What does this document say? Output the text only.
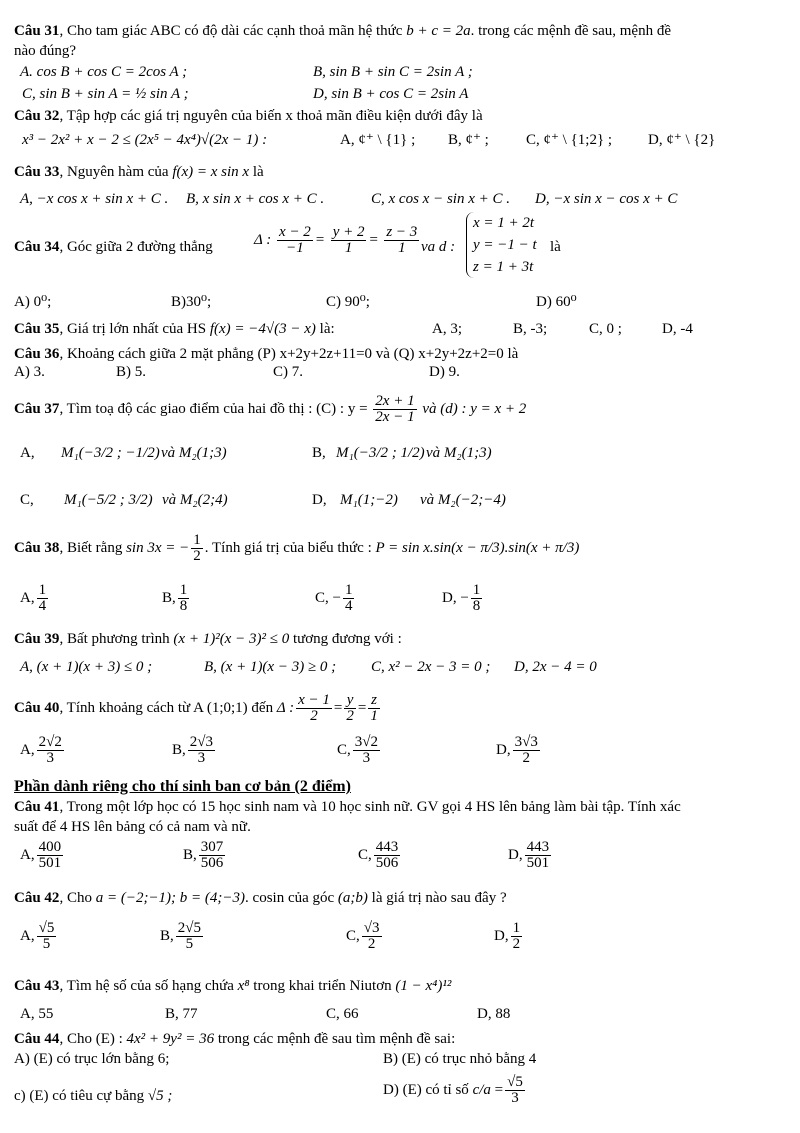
Câu 31, Cho tam giác ABC có độ dài các cạnh thoả mãn hệ thức b + c = 2a. trong các mệnh đề sau, mệnh đề
nào đúng?
A. cos B + cos C = 2cos A ;	B, sin B + sin C = 2sin A ;
C, sin B + sin A = ½ sin A ;	D, sin B + cos C = 2sin A
Câu 32, Tập hợp các giá trị nguyên của biến x thoả mãn điều kiện dưới đây là
x³ − 2x² + x − 2 ≤ (2x⁵ − 4x⁴)√(2x − 1) :	A, ¢⁺ \ {1} ; B, ¢⁺ ; C, ¢⁺ \ {1;2} ; D, ¢⁺ \ {2}
Câu 33, Nguyên hàm của f(x) = x sin x là
A, −x cos x + sin x + C . B, x sin x + cos x + C .	C, x cos x − sin x + C . D, −x sin x − cos x + C
Câu 34, Góc giữa 2 đường thẳng	Δ : $\frac{x - 2}{-1} = \frac{y + 2}{1} = \frac{z - 3}{1}$ va d :
x = 1 + 2t
y = −1 − t
z = 1 + 3t
là
A) 0⁰;	B)30⁰;	C) 90⁰;	D) 60⁰
Câu 35, Giá trị lớn nhất của HS f(x) = −4√(3 − x) là:	A, 3;	B, -3;	C, 0 ;	D, -4
Câu 36, Khoảng cách giữa 2 mặt phẳng (P) x+2y+2z+11=0 và (Q) x+2y+2z+2=0 là
A) 3.	B) 5.	C) 7.	D) 9.
Câu 37, Tìm toạ độ các giao điểm của hai đồ thị : (C) : $y = \frac{2x + 1}{2x - 1}$ và (d) : y = x + 2
A, M₁(−3/2 ; −1/2) và M₂(1;3)	B, M₁(−3/2 ; 1/2) và M₂(1;3)
C, M₁(−5/2 ; 3/2) và M₂(2;4)	D, M₁(1;−2) và M₂(−2;−4)
Câu 38, Biết rằng sin 3x = − $\frac{1}{2}$ . Tính giá trị của biểu thức : P = sin x.sin(x − π/3).sin(x + π/3)
A, $\frac{1}{4}$	B, $\frac{1}{8}$	C, − $\frac{1}{4}$	D, − $\frac{1}{8}$
Câu 39, Bất phương trình (x + 1)²(x − 3)² ≤ 0 tương đương với :
A, (x + 1)(x + 3) ≤ 0 ;	B, (x + 1)(x − 3) ≥ 0 ; C, x² − 2x − 3 = 0 ; D, 2x − 4 = 0
Câu 40, Tính khoảng cách từ A (1;0;1) đến Δ : $\frac{x - 1}{2} = \frac{y}{2} = \frac{z}{1}$
A, $\frac{2√2}{3}$	B, $\frac{2√3}{3}$	C, $\frac{3√2}{3}$	D, $\frac{3√3}{2}$
Phần dành riêng cho thí sinh ban cơ bản (2 điểm)
Câu 41, Trong một lớp học có 15 học sinh nam và 10 học sinh nữ. GV gọi 4 HS lên bảng làm bài tập. Tính xác
suất để 4 HS lên bảng có cả nam và nữ.
A, $\frac{400}{501}$	B, $\frac{307}{506}$	C, $\frac{443}{506}$	D, $\frac{443}{501}$
Câu 42, Cho a = (−2;−1); b = (4;−3). cosin của góc (a;b) là giá trị nào sau đây ?
A, $\frac{√5}{5}$	B, $\frac{2√5}{5}$	C, $\frac{√3}{2}$	D, $\frac{1}{2}$
Câu 43, Tìm hệ số của số hạng chứa x⁸ trong khai triển Niutơn (1 − x⁴)¹²
A, 55	B, 77	C, 66	D, 88
Câu 44, Cho (E) : 4x² + 9y² = 36 trong các mệnh đề sau tìm mệnh đề sai:
A) (E) có trục lớn bằng 6;	B) (E) có trục nhỏ bằng 4
c) (E) có tiêu cự bằng √5 ;	D) (E) có tỉ số $c/a = \frac{√5}{3}$
